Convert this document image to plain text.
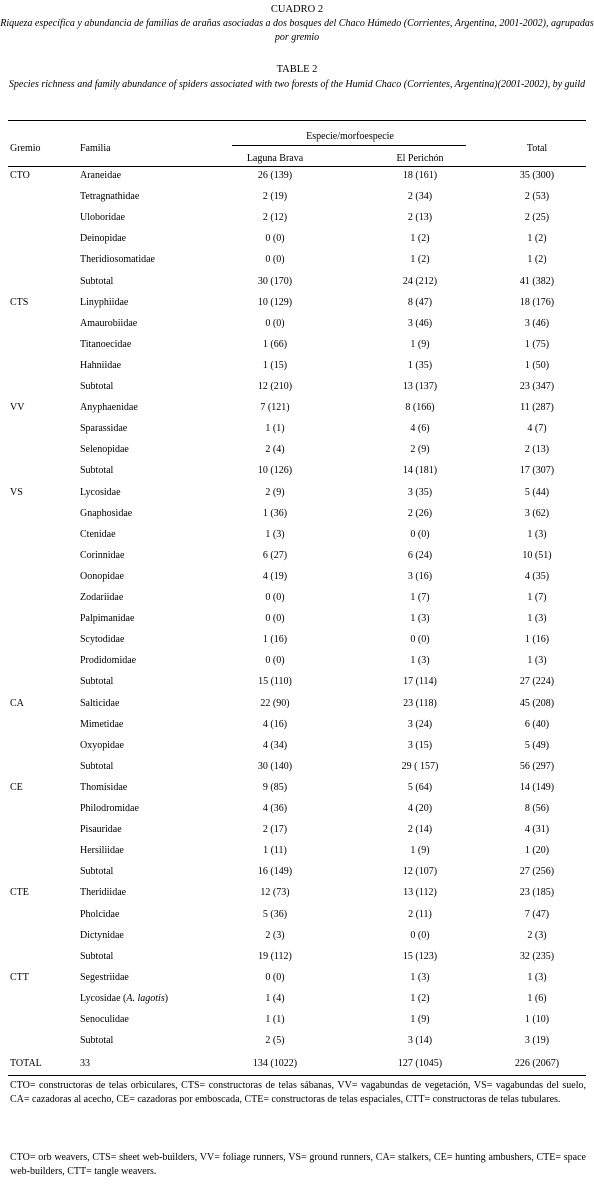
CUADRO 2
Riqueza específica y abundancia de familias de arañas asociadas a dos bosques del Chaco Húmedo (Corrientes, Argentina, 2001-2002), agrupadas por gremio
TABLE 2
Species richness and family abundance of spiders associated with two forests of the Humid Chaco (Corrientes, Argentina)(2001-2002), by guild
Gremio	Familia
Especie/morfoespecie
Laguna Brava	El Perichón
Total
CTO	Araneidae	26 (139)	18 (161)	35 (300)
Tetragnathidae	2 (19)	2 (34)	2 (53)
Uloboridae	2 (12)	2 (13)	2 (25)
Deinopidae	0 (0)	1 (2)	1 (2)
Theridiosomatidae	0 (0)	1 (2)	1 (2)
Subtotal	30 (170)	24 (212)	41 (382)
CTS	Linyphiidae	10 (129)	8 (47)	18 (176)
Amaurobiidae	0 (0)	3 (46)	3 (46)
Titanoecidae	1 (66)	1 (9)	1 (75)
Hahniidae	1 (15)	1 (35)	1 (50)
Subtotal	12 (210)	13 (137)	23 (347)
VV	Anyphaenidae	7 (121)	8 (166)	11 (287)
Sparassidae	1 (1)	4 (6)	4 (7)
Selenopidae	2 (4)	2 (9)	2 (13)
Subtotal	10 (126)	14 (181)	17 (307)
VS	Lycosidae	2 (9)	3 (35)	5 (44)
Gnaphosidae	1 (36)	2 (26)	3 (62)
Ctenidae	1 (3)	0 (0)	1 (3)
Corinnidae	6 (27)	6 (24)	10 (51)
Oonopidae	4 (19)	3 (16)	4 (35)
Zodariidae	0 (0)	1 (7)	1 (7)
Palpimanidae	0 (0)	1 (3)	1 (3)
Scytodidae	1 (16)	0 (0)	1 (16)
Prodidomidae	0 (0)	1 (3)	1 (3)
Subtotal	15 (110)	17 (114)	27 (224)
CA	Salticidae	22 (90)	23 (118)	45 (208)
Mimetidae	4 (16)	3 (24)	6 (40)
Oxyopidae	4 (34)	3 (15)	5 (49)
Subtotal	30 (140)	29 ( 157)	56 (297)
CE	Thomisidae	9 (85)	5 (64)	14 (149)
Philodromidae	4 (36)	4 (20)	8 (56)
Pisauridae	2 (17)	2 (14)	4 (31)
Hersiliidae	1 (11)	1 (9)	1 (20)
Subtotal	16 (149)	12 (107)	27 (256)
CTE	Theridiidae	12 (73)	13 (112)	23 (185)
Pholcidae	5 (36)	2 (11)	7 (47)
Dictynidae	2 (3)	0 (0)	2 (3)
Subtotal	19 (112)	15 (123)	32 (235)
CTT	Segestriidae	0 (0)	1 (3)	1 (3)
Lycosidae (A. lagotis)	1 (4)	1 (2)	1 (6)
Senoculidae	1 (1)	1 (9)	1 (10)
Subtotal	2 (5)	3 (14)	3 (19)
TOTAL	33	134 (1022)	127 (1045)	226 (2067)
CTO= constructoras de telas orbiculares, CTS= constructoras de telas sábanas, VV= vagabundas de vegetación, VS= vagabundas del suelo, CA= cazadoras al acecho, CE= cazadoras por emboscada, CTE= constructoras de telas espaciales, CTT= constructoras de telas tubulares.
CTO= orb weavers, CTS= sheet web-builders, VV= foliage runners, VS= ground runners, CA= stalkers, CE= hunting ambushers, CTE= space web-builders, CTT= tangle weavers.
